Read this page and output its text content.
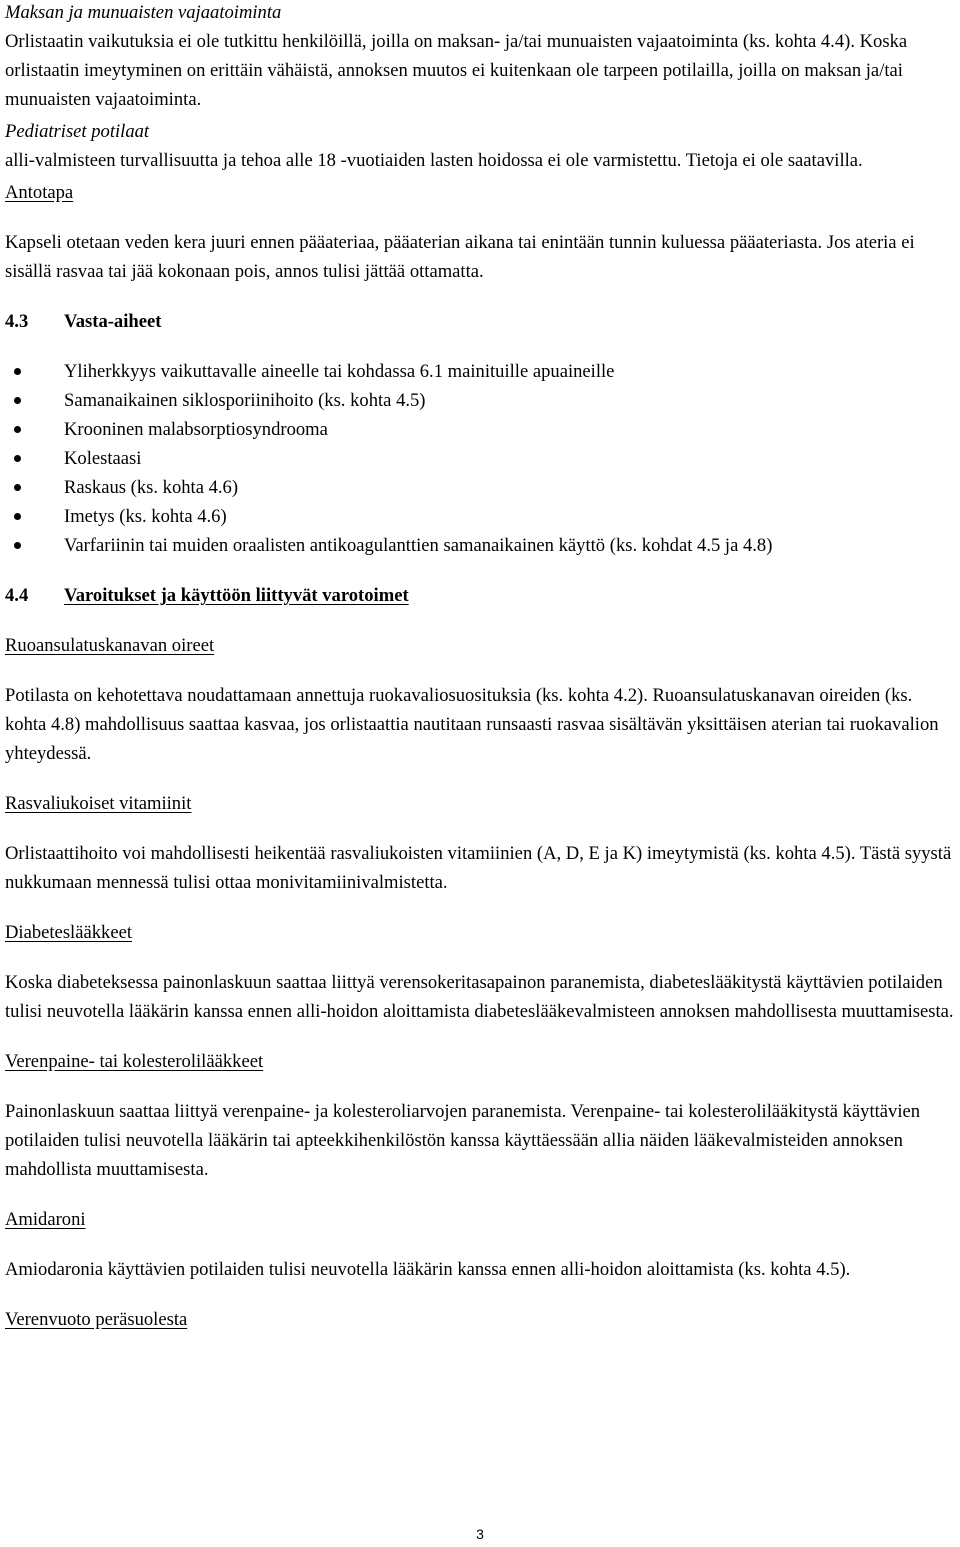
Maksan ja munuaisten vajaatoiminta

Orlistaatin vaikutuksia ei ole tutkittu henkilöillä, joilla on maksan- ja/tai munuaisten vajaatoiminta (ks. kohta 4.4). Koska orlistaatin imeytyminen on erittäin vähäistä, annoksen muutos ei kuitenkaan ole tarpeen potilailla, joilla on maksan ja/tai munuaisten vajaatoiminta.

Pediatriset potilaat

alli-valmisteen turvallisuutta ja tehoa alle 18 -vuotiaiden lasten hoidossa ei ole varmistettu. Tietoja ei ole saatavilla.

Antotapa

Kapseli otetaan veden kera juuri ennen pääateriaa, pääaterian aikana tai enintään tunnin kuluessa pääateriasta. Jos ateria ei sisällä rasvaa tai jää kokonaan pois, annos tulisi jättää ottamatta.

4.3	Vasta-aiheet
Yliherkkyys vaikuttavalle aineelle tai kohdassa 6.1 mainituille apuaineille
Samanaikainen siklosporiinihoito (ks. kohta 4.5)
Krooninen malabsorptiosyndrooma
Kolestaasi
Raskaus (ks. kohta 4.6)
Imetys (ks. kohta 4.6)
Varfariinin tai muiden oraalisten antikoagulanttien samanaikainen käyttö (ks. kohdat 4.5 ja 4.8)
4.4	Varoitukset ja käyttöön liittyvät varotoimet

Ruoansulatuskanavan oireet

Potilasta on kehotettava noudattamaan annettuja ruokavaliosuosituksia (ks. kohta 4.2). Ruoansulatuskanavan oireiden (ks. kohta 4.8) mahdollisuus saattaa kasvaa, jos orlistaattia nautitaan runsaasti rasvaa sisältävän yksittäisen aterian tai ruokavalion yhteydessä.

Rasvaliukoiset vitamiinit

Orlistaattihoito voi mahdollisesti heikentää rasvaliukoisten vitamiinien (A, D, E ja K) imeytymistä (ks. kohta 4.5). Tästä syystä nukkumaan mennessä tulisi ottaa monivitamiinivalmistetta.

Diabeteslääkkeet

Koska diabeteksessa painonlaskuun saattaa liittyä verensokeritasapainon paranemista, diabeteslääkitystä käyttävien potilaiden tulisi neuvotella lääkärin kanssa ennen alli-hoidon aloittamista diabeteslääkevalmisteen annoksen mahdollisesta muuttamisesta.

Verenpaine- tai kolesterolilääkkeet

Painonlaskuun saattaa liittyä verenpaine- ja kolesteroliarvojen paranemista. Verenpaine- tai kolesterolilääkitystä käyttävien potilaiden tulisi neuvotella lääkärin tai apteekkihenkilöstön kanssa käyttäessään allia näiden lääkevalmisteiden annoksen mahdollista muuttamisesta.

Amidaroni

Amiodaronia käyttävien potilaiden tulisi neuvotella lääkärin kanssa ennen alli-hoidon aloittamista (ks. kohta 4.5).

Verenvuoto peräsuolesta

3
